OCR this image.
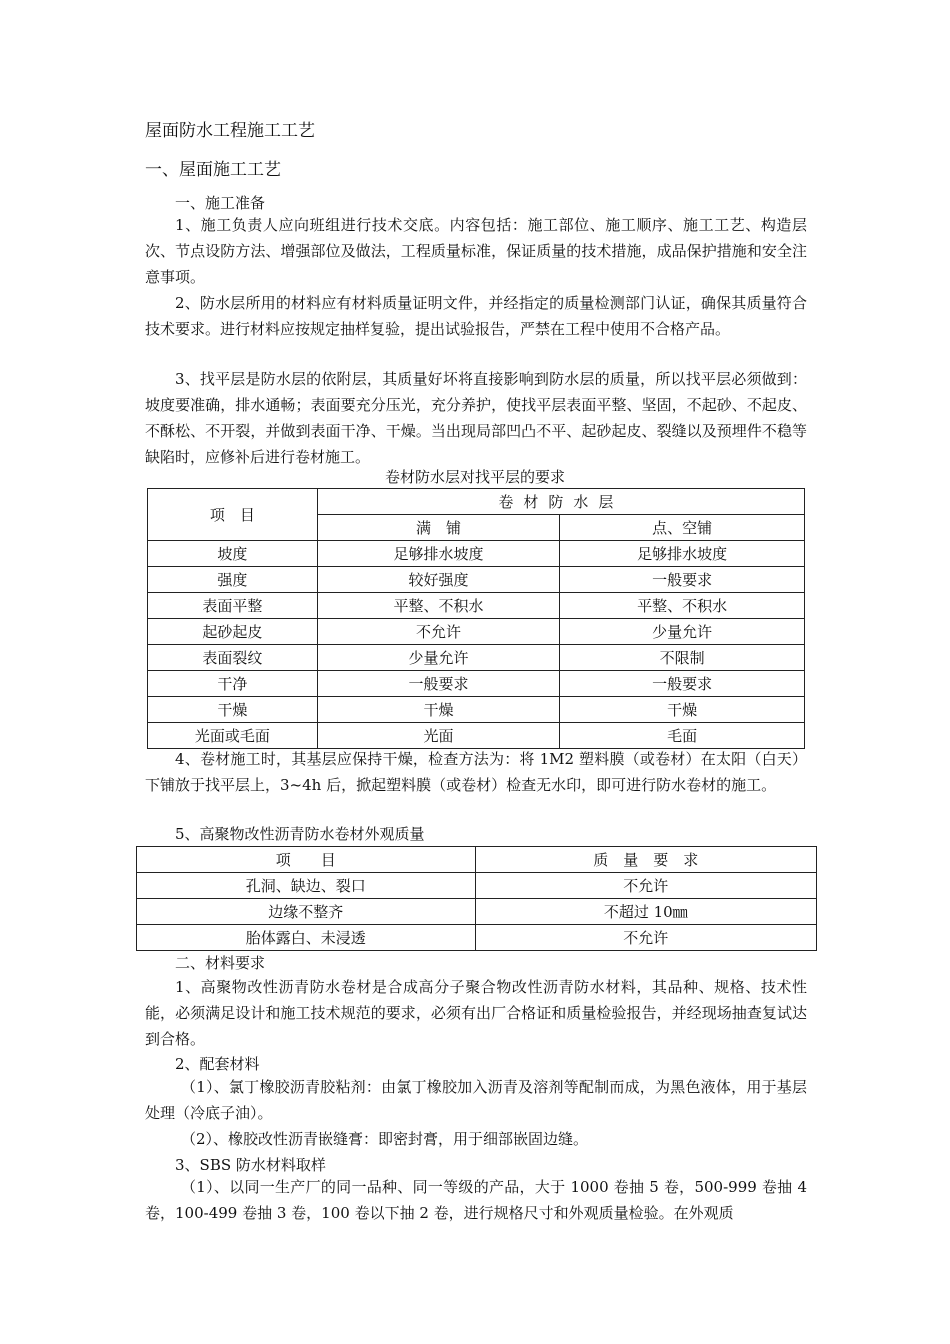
屋面防水工程施工工艺
一、屋面施工工艺
一、施工准备
1、施工负责人应向班组进行技术交底。内容包括：施工部位、施工顺序、施工工艺、构造层次、节点设防方法、增强部位及做法，工程质量标准，保证质量的技术措施，成品保护措施和安全注意事项。
2、防水层所用的材料应有材料质量证明文件，并经指定的质量检测部门认证，确保其质量符合技术要求。进行材料应按规定抽样复验，提出试验报告，严禁在工程中使用不合格产品。
3、找平层是防水层的依附层，其质量好坏将直接影响到防水层的质量，所以找平层必须做到：坡度要准确，排水通畅；表面要充分压光，充分养护，使找平层表面平整、坚固，不起砂、不起皮、不酥松、不开裂，并做到表面干净、干燥。当出现局部凹凸不平、起砂起皮、裂缝以及预埋件不稳等缺陷时，应修补后进行卷材施工。
卷材防水层对找平层的要求
项　目	卷材防水层	
	满　铺	点、空铺
坡度	足够排水坡度	足够排水坡度
强度	较好强度	一般要求
表面平整	平整、不积水	平整、不积水
起砂起皮	不允许	少量允许
表面裂纹	少量允许	不限制
干净	一般要求	一般要求
干燥	干燥	干燥
光面或毛面	光面	毛面
4、卷材施工时，其基层应保持干燥，检查方法为：将 1M2 塑料膜（或卷材）在太阳（白天）下铺放于找平层上，3~4h 后，掀起塑料膜（或卷材）检查无水印，即可进行防水卷材的施工。
5、高聚物改性沥青防水卷材外观质量
项　　目	质　量　要　求
孔洞、缺边、裂口	不允许
边缘不整齐	不超过 10㎜
胎体露白、未浸透	不允许
二、材料要求
1、高聚物改性沥青防水卷材是合成高分子聚合物改性沥青防水材料，其品种、规格、技术性能，必须满足设计和施工技术规范的要求，必须有出厂合格证和质量检验报告，并经现场抽查复试达到合格。
2、配套材料
（1）、氯丁橡胶沥青胶粘剂：由氯丁橡胶加入沥青及溶剂等配制而成，为黑色液体，用于基层处理（冷底子油）。
（2）、橡胶改性沥青嵌缝膏：即密封膏，用于细部嵌固边缝。
3、SBS 防水材料取样
（1）、以同一生产厂的同一品种、同一等级的产品，大于 1000 卷抽 5 卷，500-999 卷抽 4 卷，100-499 卷抽 3 卷，100 卷以下抽 2 卷，进行规格尺寸和外观质量检验。在外观质
